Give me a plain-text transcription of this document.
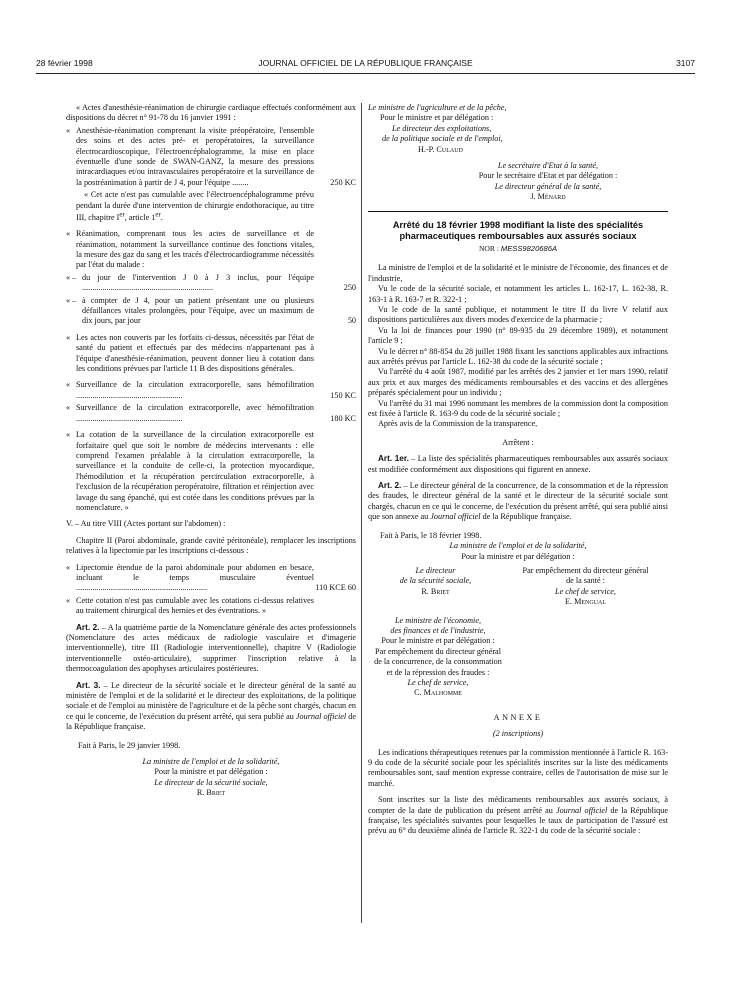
28 février 1998	JOURNAL OFFICIEL DE LA RÉPUBLIQUE FRANÇAISE	3107

« Actes d'anesthésie-réanimation de chirurgie cardiaque effectués conformément aux dispositions du décret n° 91-78 du 16 janvier 1991 :

« Anesthésie-réanimation comprenant la visite préopératoire, l'ensemble des soins et des actes pré- et peropératoires, la surveillance électrocardioscopique, l'électroencéphalogramme, la mise en place éventuelle d'une sonde de SWAN-GANZ, la mesure des pressions intracardiaques et/ou intravasculaires peropératoire et la surveillance de la postréanimation à partir de J 4, pour l'équipe ........	250 KC
« Cet acte n'est pas cumulable avec l'électroencéphalogramme prévu pendant la durée d'une intervention de chirurgie endothoracique, au titre III, chapitre Ier, article 1er.
« Réanimation, comprenant tous les actes de surveillance et de réanimation, notamment la surveillance continue des fonctions vitales, la mesure des gaz du sang et les tracés d'électrocardiogramme nécessités par l'état du malade :
« – du jour de l'intervention J 0 à J 3 inclus, pour l'équipe ................................................................	250
« – à compter de J 4, pour un patient présentant une ou plusieurs défaillances vitales prolongées, pour l'équipe, avec un maximum de dix jours, par jour	50
« Les actes non couverts par les forfaits ci-dessus, nécessités par l'état de santé du patient et effectués par des médecins n'appartenant pas à l'équipe d'anesthésie-réanimation, peuvent donner lieu à cotation dans les conditions prévues par l'article 11 B des dispositions générales.
« Surveillance de la circulation extracorporelle, sans hémofiltration ....................................................	150 KC
« Surveillance de la circulation extracorporelle, avec hémofiltration ....................................................	180 KC
« La cotation de la surveillance de la circulation extracorporelle est forfaitaire quel que soit le nombre de médecins intervenants : elle comprend l'examen préalable à la circulation extracorporelle, la surveillance et la conduite de celle-ci, la protection myocardique, l'hémodilution et la récupération percirculation extracorporelle, à l'exclusion de la récupération peropératoire, filtration et réinjection avec lavage du sang épanché, qui est cotée dans les conditions prévues par la nomenclature. »

V. – Au titre VIII (Actes portant sur l'abdomen) :

Chapitre II (Paroi abdominale, grande cavité péritonéale), remplacer les inscriptions relatives à la lipectomie par les inscriptions ci-dessous :

« Lipectomie étendue de la paroi abdominale pour abdomen en besace, incluant le temps musculaire éventuel ................................................................	110 KCE 60
« Cette cotation n'est pas cumulable avec les cotations ci-dessus relatives au traitement chirurgical des hernies et des éventrations. »

Art. 2. – A la quatrième partie de la Nomenclature générale des actes professionnels (Nomenclature des actes médicaux de radiologie vasculaire et d'imagerie interventionnelle), titre III (Radiologie interventionnelle), chapitre V (Radiologie interventionnelle ostéo-articulaire), supprimer l'inscription relative à la thermocoagulation des apophyses articulaires postérieures.

Art. 3. – Le directeur de la sécurité sociale et le directeur général de la santé au ministère de l'emploi et de la solidarité et le directeur des exploitations, de la politique sociale et de l'emploi au ministère de l'agriculture et de la pêche sont chargés, chacun en ce qui le concerne, de l'exécution du présent arrêté, qui sera publié au Journal officiel de la République française.

Fait à Paris, le 29 janvier 1998.

La ministre de l'emploi et de la solidarité,
Pour la ministre et par délégation :
Le directeur de la sécurité sociale,
R. Briet
Le ministre de l'agriculture et de la pêche,
Pour le ministre et par délégation :
Le directeur des exploitations,
de la politique sociale et de l'emploi,
H.-P. Culaud
Le secrétaire d'Etat à la santé,
Pour le secrétaire d'Etat et par délégation :
Le directeur général de la santé,
J. Ménard
Arrêté du 18 février 1998 modifiant la liste des spécialités pharmaceutiques remboursables aux assurés sociaux
NOR : MESS9820686A

La ministre de l'emploi et de la solidarité et le ministre de l'économie, des finances et de l'industrie,

Vu le code de la sécurité sociale, et notamment les articles L. 162-17, L. 162-38, R. 163-1 à R. 163-7 et R. 322-1 ;

Vu le code de la santé publique, et notamment le titre II du livre V relatif aux dispositions particulières aux divers modes d'exercice de la pharmacie ;

Vu la loi de finances pour 1990 (n° 89-935 du 29 décembre 1989), et notamment l'article 9 ;

Vu le décret n° 88-854 du 28 juillet 1988 fixant les sanctions applicables aux infractions aux arrêtés prévus par l'article L. 162-38 du code de la sécurité sociale ;

Vu l'arrêté du 4 août 1987, modifié par les arrêtés des 2 janvier et 1er mars 1990, relatif aux prix et aux marges des médicaments remboursables et des vaccins et des allergènes préparés spécialement pour un individu ;

Vu l'arrêté du 31 mai 1996 nommant les membres de la commission dont la composition est fixée à l'article R. 163-9 du code de la sécurité sociale ;

Après avis de la Commission de la transparence,

Arrêtent :

Art. 1er. – La liste des spécialités pharmaceutiques remboursables aux assurés sociaux est modifiée conformément aux dispositions qui figurent en annexe.

Art. 2. – Le directeur général de la concurrence, de la consommation et de la répression des fraudes, le directeur général de la santé et le directeur de la sécurité sociale sont chargés, chacun en ce qui le concerne, de l'exécution du présent arrêté, qui sera publié ainsi que son annexe au Journal officiel de la République française.

Fait à Paris, le 18 février 1998.

La ministre de l'emploi et de la solidarité,
Pour la ministre et par délégation :
Le directeur
de la sécurité sociale,
R. Briet
Par empêchement du directeur général
de la santé :
Le chef de service,
E. Mengual
Le ministre de l'économie,
des finances et de l'industrie,
Pour le ministre et par délégation :
Par empêchement du directeur général
de la concurrence, de la consommation
et de la répression des fraudes :
Le chef de service,
C. Malhomme
ANNEXE
(2 inscriptions)

Les indications thérapeutiques retenues par la commission mentionnée à l'article R. 163-9 du code de la sécurité sociale pour les spécialités inscrites sur la liste des médicaments remboursables sont, sauf mention expresse contraire, celles de l'autorisation de mise sur le marché.

Sont inscrites sur la liste des médicaments remboursables aux assurés sociaux, à compter de la date de publication du présent arrêté au Journal officiel de la République française, les spécialités suivantes pour lesquelles le taux de participation de l'assuré est prévu au 6° du deuxième alinéa de l'article R. 322-1 du code de la sécurité sociale :
